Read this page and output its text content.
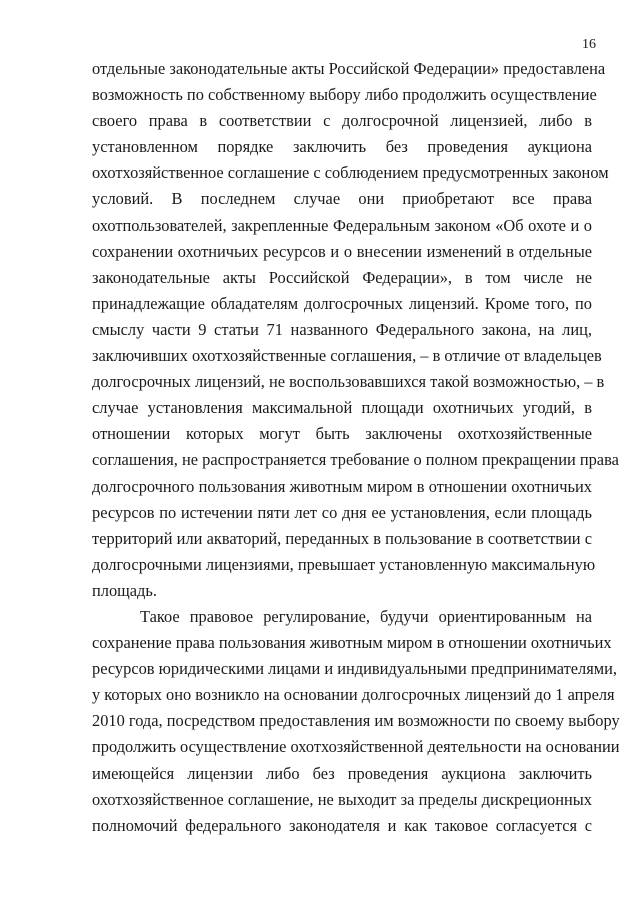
16
отдельные законодательные акты Российской Федерации» предоставлена
возможность по собственному выбору либо продолжить осуществление
своего права в соответствии с долгосрочной лицензией, либо в
установленном порядке заключить без проведения аукциона
охотхозяйственное соглашение с соблюдением предусмотренных законом
условий. В последнем случае они приобретают все права
охотпользователей, закрепленные Федеральным законом «Об охоте и о
сохранении охотничьих ресурсов и о внесении изменений в отдельные
законодательные акты Российской Федерации», в том числе не
принадлежащие обладателям долгосрочных лицензий. Кроме того, по
смыслу части 9 статьи 71 названного Федерального закона, на лиц,
заключивших охотхозяйственные соглашения, – в отличие от владельцев
долгосрочных лицензий, не воспользовавшихся такой возможностью, – в
случае установления максимальной площади охотничьих угодий, в
отношении которых могут быть заключены охотхозяйственные
соглашения, не распространяется требование о полном прекращении права
долгосрочного пользования животным миром в отношении охотничьих
ресурсов по истечении пяти лет со дня ее установления, если площадь
территорий или акваторий, переданных в пользование в соответствии с
долгосрочными лицензиями, превышает установленную максимальную
площадь.
Такое правовое регулирование, будучи ориентированным на
сохранение права пользования животным миром в отношении охотничьих
ресурсов юридическими лицами и индивидуальными предпринимателями,
у которых оно возникло на основании долгосрочных лицензий до 1 апреля
2010 года, посредством предоставления им возможности по своему выбору
продолжить осуществление охотхозяйственной деятельности на основании
имеющейся лицензии либо без проведения аукциона заключить
охотхозяйственное соглашение, не выходит за пределы дискреционных
полномочий федерального законодателя и как таковое согласуется с
